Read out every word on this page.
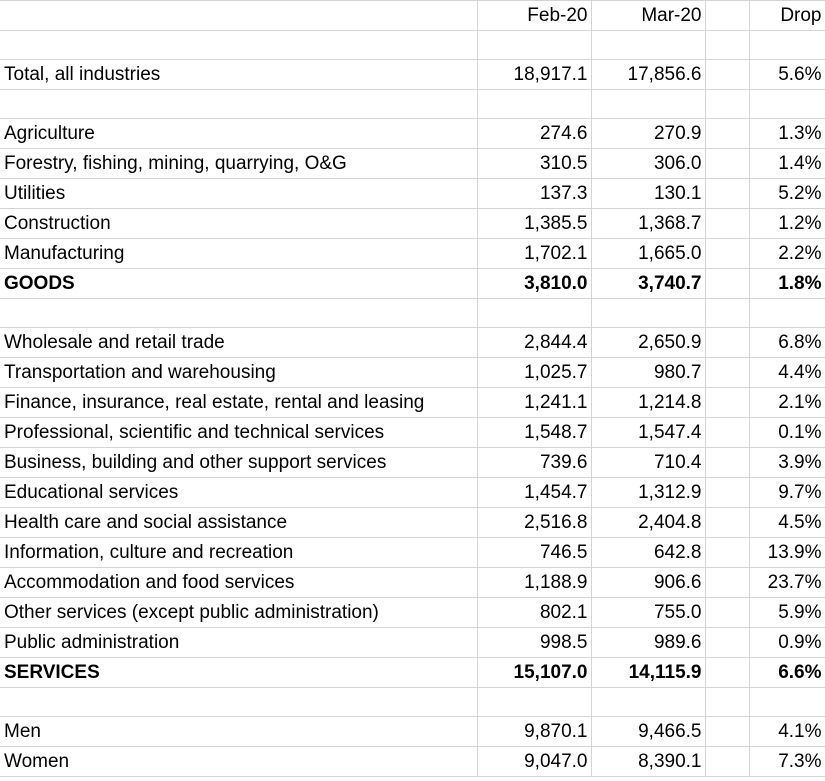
	Feb-20	Mar-20		Drop

Total, all industries	18,917.1	17,856.6		5.6%

Agriculture	274.6	270.9		1.3%
Forestry, fishing, mining, quarrying, O&G	310.5	306.0		1.4%
Utilities	137.3	130.1		5.2%
Construction	1,385.5	1,368.7		1.2%
Manufacturing	1,702.1	1,665.0		2.2%
GOODS	3,810.0	3,740.7		1.8%

Wholesale and retail trade	2,844.4	2,650.9		6.8%
Transportation and warehousing	1,025.7	980.7		4.4%
Finance, insurance, real estate, rental and leasing	1,241.1	1,214.8		2.1%
Professional, scientific and technical services	1,548.7	1,547.4		0.1%
Business, building and other support services	739.6	710.4		3.9%
Educational services	1,454.7	1,312.9		9.7%
Health care and social assistance	2,516.8	2,404.8		4.5%
Information, culture and recreation	746.5	642.8		13.9%
Accommodation and food services	1,188.9	906.6		23.7%
Other services (except public administration)	802.1	755.0		5.9%
Public administration	998.5	989.6		0.9%
SERVICES	15,107.0	14,115.9		6.6%

Men	9,870.1	9,466.5		4.1%
Women	9,047.0	8,390.1		7.3%
